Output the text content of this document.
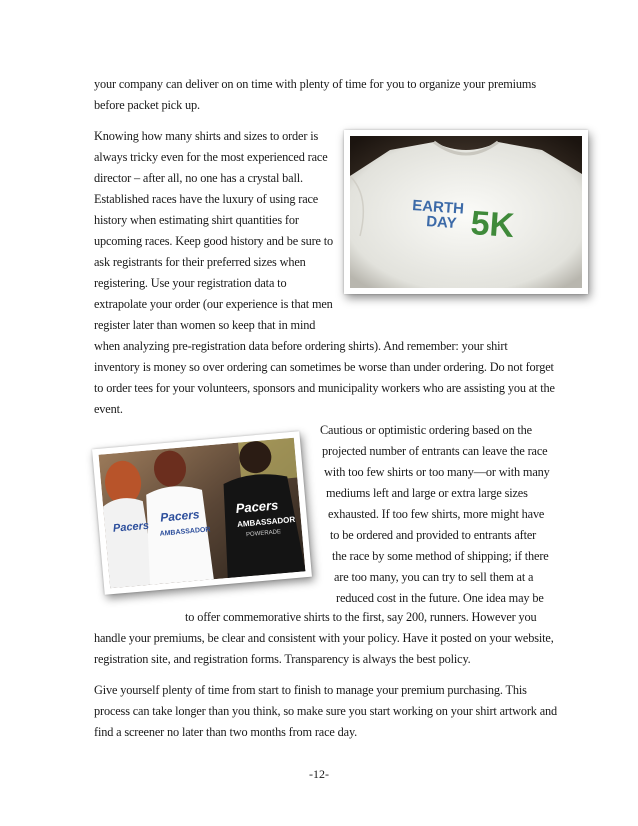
your company can deliver on on time with plenty of time for you to organize your premiums
before packet pick up.
Knowing how many shirts and sizes to order is
always tricky even for the most experienced race
director – after all, no one has a crystal ball.
Established races have the luxury of using race
history when estimating shirt quantities for
upcoming races. Keep good history and be sure to
ask registrants for their preferred sizes when
registering. Use your registration data to
extrapolate your order (our experience is that men
register later than women so keep that in mind
when analyzing pre-registration data before ordering shirts). And remember: your shirt
inventory is money so over ordering can sometimes be worse than under ordering. Do not forget
to order tees for your volunteers, sponsors and municipality workers who are assisting you at the
event.
EARTH
DAY 5K
Cautious or optimistic ordering based on the
projected number of entrants can leave the race
with too few shirts or too many—or with many
mediums left and large or extra large sizes
exhausted. If too few shirts, more might have
to be ordered and provided to entrants after
the race by some method of shipping; if there
are too many, you can try to sell them at a
reduced cost in the future. One idea may be
to offer commemorative shirts to the first, say 200, runners. However you
handle your premiums, be clear and consistent with your policy. Have it posted on your website,
registration site, and registration forms. Transparency is always the best policy.
Pacers
Pacers
AMBASSADOR
Pacers
AMBASSADOR
POWERADE
Give yourself plenty of time from start to finish to manage your premium purchasing. This
process can take longer than you think, so make sure you start working on your shirt artwork and
find a screener no later than two months from race day.
-12-
